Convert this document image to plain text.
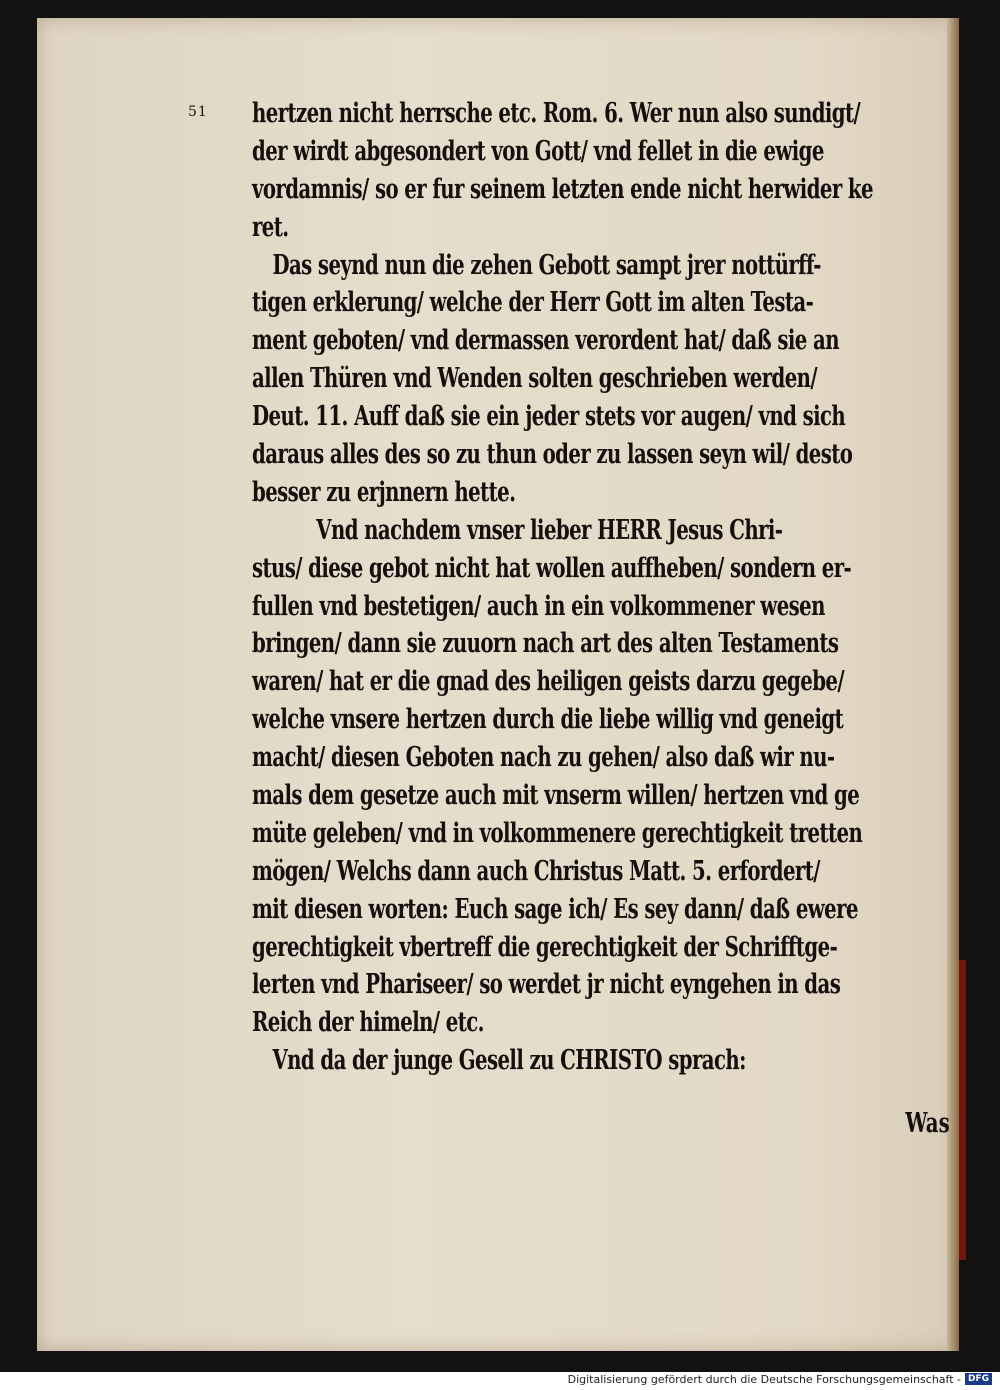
51 hertzen nicht herrsche etc. Rom. 6. Wer nun also sundigt/
der wirdt abgesondert von Gott/ vnd fellet in die ewige
vordamnis/ so er fur seinem letzten ende nicht herwider ke
ret.
Das seynd nun die zehen Gebott sampt jrer nottürff-
tigen erklerung/ welche der Herr Gott im alten Testa-
ment geboten/ vnd dermassen verordent hat/ daß sie an
allen Thüren vnd Wenden solten geschrieben werden/
Deut. 11. Auff daß sie ein jeder stets vor augen/ vnd sich
daraus alles des so zu thun oder zu lassen seyn wil/ desto
besser zu erjnnern hette.
Vnd nachdem vnser lieber HERR Jesus Chri-
stus/ diese gebot nicht hat wollen auffheben/ sondern er-
fullen vnd bestetigen/ auch in ein volkommener wesen
bringen/ dann sie zuuorn nach art des alten Testaments
waren/ hat er die gnad des heiligen geists darzu gegebe/
welche vnsere hertzen durch die liebe willig vnd geneigt
macht/ diesen Geboten nach zu gehen/ also daß wir nu-
mals dem gesetze auch mit vnserm willen/ hertzen vnd ge
müte geleben/ vnd in volkommenere gerechtigkeit tretten
mögen/ Welchs dann auch Christus Matt. 5. erfordert/
mit diesen worten: Euch sage ich/ Es sey dann/ daß ewere
gerechtigkeit vbertreff die gerechtigkeit der Schrifftge-
lerten vnd Phariseer/ so werdet jr nicht eyngehen in das
Reich der himeln/ etc.
Vnd da der junge Gesell zu CHRISTO sprach:
Was
Digitalisierung gefördert durch die Deutsche Forschungsgemeinschaft - DFG
